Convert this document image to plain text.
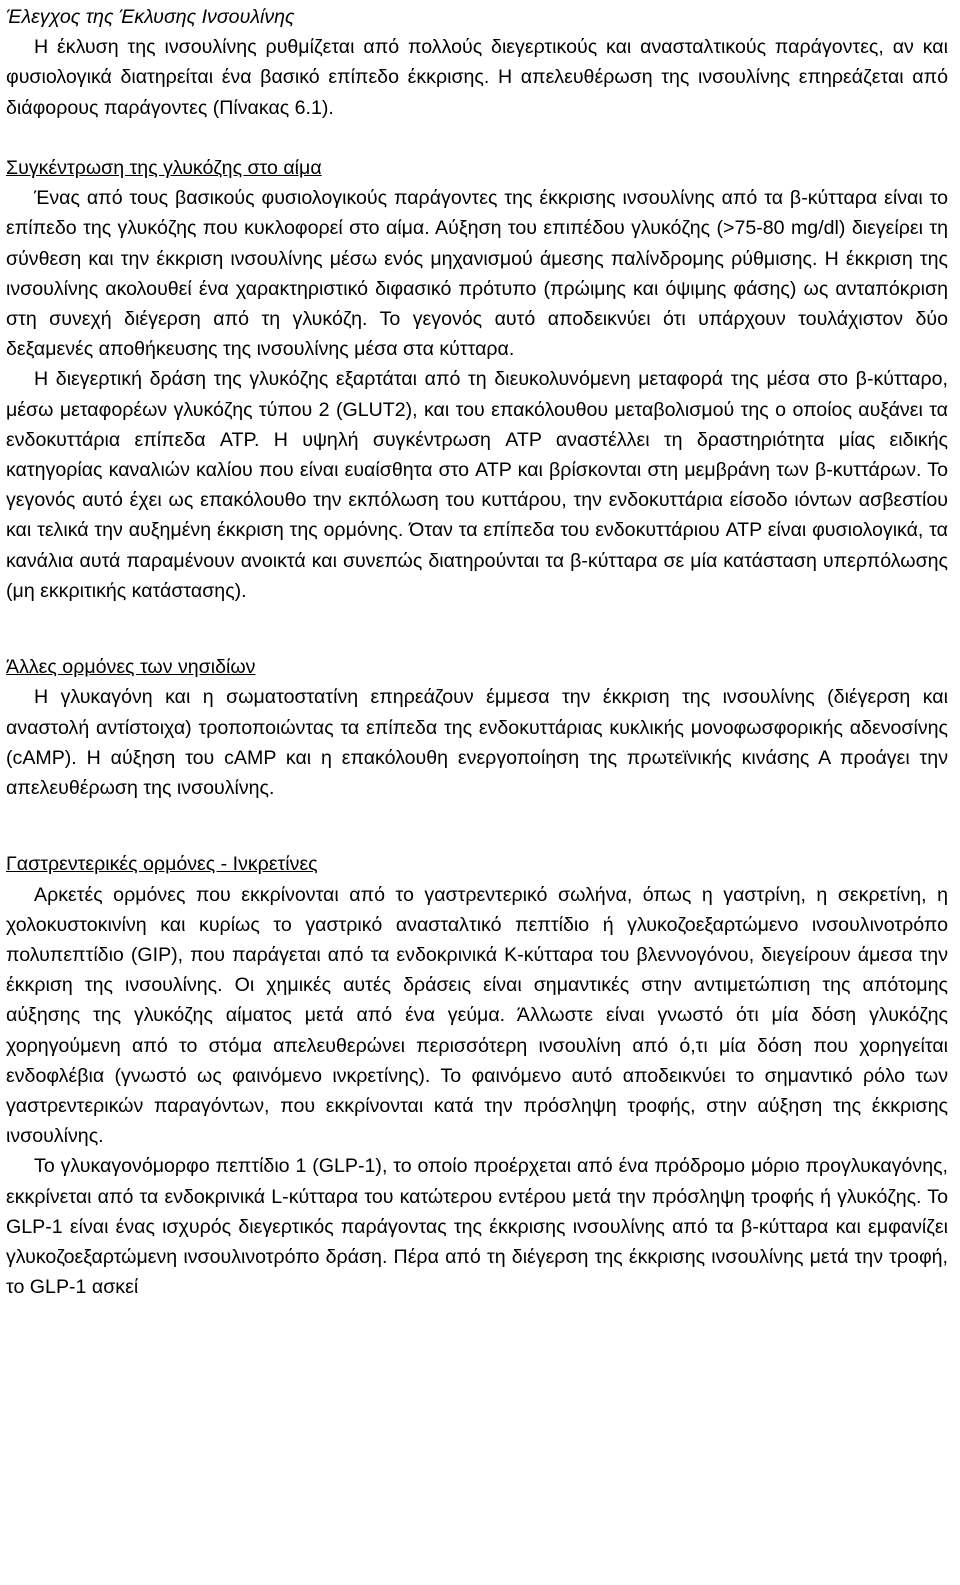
Έλεγχος της Έκλυσης Ινσουλίνης

Η έκλυση της ινσουλίνης ρυθμίζεται από πολλούς διεγερτικούς και ανασταλτικούς παράγοντες, αν και φυσιολογικά διατηρείται ένα βασικό επίπεδο έκκρισης. Η απελευθέρωση της ινσουλίνης επηρεάζεται από διάφορους παράγοντες (Πίνακας 6.1).

Συγκέντρωση της γλυκόζης στο αίμα

Ένας από τους βασικούς φυσιολογικούς παράγοντες της έκκρισης ινσουλίνης από τα β-κύτταρα είναι το επίπεδο της γλυκόζης που κυκλοφορεί στο αίμα. Αύξηση του επιπέδου γλυκόζης (>75-80 mg/dl) διεγείρει τη σύνθεση και την έκκριση ινσουλίνης μέσω ενός μηχανισμού άμεσης παλίνδρομης ρύθμισης. Η έκκριση της ινσουλίνης ακολουθεί ένα χαρακτηριστικό διφασικό πρότυπο (πρώιμης και όψιμης φάσης) ως ανταπόκριση στη συνεχή διέγερση από τη γλυκόζη. Το γεγονός αυτό αποδεικνύει ότι υπάρχουν τουλάχιστον δύο δεξαμενές αποθήκευσης της ινσουλίνης μέσα στα κύτταρα.

Η διεγερτική δράση της γλυκόζης εξαρτάται από τη διευκολυνόμενη μεταφορά της μέσα στο β-κύτταρο, μέσω μεταφορέων γλυκόζης τύπου 2 (GLUT2), και του επακόλουθου μεταβολισμού της ο οποίος αυξάνει τα ενδοκυττάρια επίπεδα ATP. Η υψηλή συγκέντρωση ATP αναστέλλει τη δραστηριότητα μίας ειδικής κατηγορίας καναλιών καλίου που είναι ευαίσθητα στο ATP και βρίσκονται στη μεμβράνη των β-κυττάρων. Το γεγονός αυτό έχει ως επακόλουθο την εκπόλωση του κυττάρου, την ενδοκυττάρια είσοδο ιόντων ασβεστίου και τελικά την αυξημένη έκκριση της ορμόνης. Όταν τα επίπεδα του ενδοκυττάριου ATP είναι φυσιολογικά, τα κανάλια αυτά παραμένουν ανοικτά και συνεπώς διατηρούνται τα β-κύτταρα σε μία κατάσταση υπερπόλωσης (μη εκκριτικής κατάστασης).

Άλλες ορμόνες των νησιδίων

Η γλυκαγόνη και η σωματοστατίνη επηρεάζουν έμμεσα την έκκριση της ινσουλίνης (διέγερση και αναστολή αντίστοιχα) τροποποιώντας τα επίπεδα της ενδοκυττάριας κυκλικής μονοφωσφορικής αδενοσίνης (cAMP). Η αύξηση του cAMP και η επακόλουθη ενεργοποίηση της πρωτεϊνικής κινάσης Α προάγει την απελευθέρωση της ινσουλίνης.

Γαστρεντερικές ορμόνες - Ινκρετίνες

Αρκετές ορμόνες που εκκρίνονται από το γαστρεντερικό σωλήνα, όπως η γαστρίνη, η σεκρετίνη, η χολοκυστοκινίνη και κυρίως το γαστρικό ανασταλτικό πεπτίδιο ή γλυκοζοεξαρτώμενο ινσουλινοτρόπο πολυπεπτίδιο (GIP), που παράγεται από τα ενδοκρινικά Κ-κύτταρα του βλεννογόνου, διεγείρουν άμεσα την έκκριση της ινσουλίνης. Οι χημικές αυτές δράσεις είναι σημαντικές στην αντιμετώπιση της απότομης αύξησης της γλυκόζης αίματος μετά από ένα γεύμα. Άλλωστε είναι γνωστό ότι μία δόση γλυκόζης χορηγούμενη από το στόμα απελευθερώνει περισσότερη ινσουλίνη από ό,τι μία δόση που χορηγείται ενδοφλέβια (γνωστό ως φαινόμενο ινκρετίνης). Το φαινόμενο αυτό αποδεικνύει το σημαντικό ρόλο των γαστρεντερικών παραγόντων, που εκκρίνονται κατά την πρόσληψη τροφής, στην αύξηση της έκκρισης ινσουλίνης.

Το γλυκαγονόμορφο πεπτίδιο 1 (GLP-1), το οποίο προέρχεται από ένα πρόδρομο μόριο προγλυκαγόνης, εκκρίνεται από τα ενδοκρινικά L-κύτταρα του κατώτερου εντέρου μετά την πρόσληψη τροφής ή γλυκόζης. Το GLP-1 είναι ένας ισχυρός διεγερτικός παράγοντας της έκκρισης ινσουλίνης από τα β-κύτταρα και εμφανίζει γλυκοζοεξαρτώμενη ινσουλινοτρόπο δράση. Πέρα από τη διέγερση της έκκρισης ινσουλίνης μετά την τροφή, το GLP-1 ασκεί
